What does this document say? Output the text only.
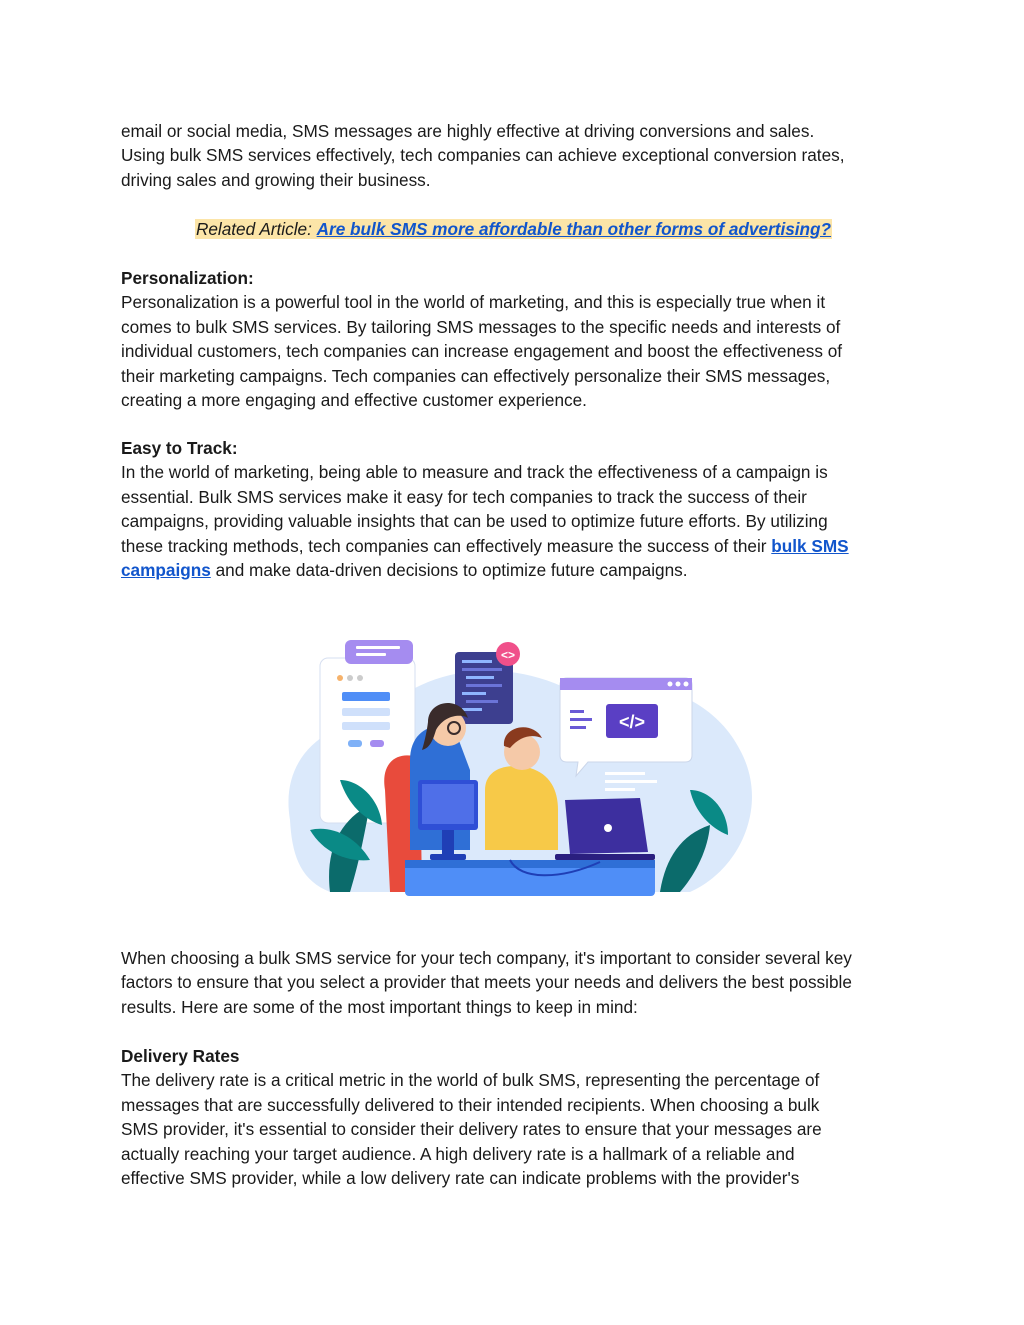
email or social media, SMS messages are highly effective at driving conversions and sales.

Using bulk SMS services effectively, tech companies can achieve exceptional conversion rates,

driving sales and growing their business.

Related Article: Are bulk SMS more affordable than other forms of advertising?

Personalization:

Personalization is a powerful tool in the world of marketing, and this is especially true when it

comes to bulk SMS services. By tailoring SMS messages to the specific needs and interests of

individual customers, tech companies can increase engagement and boost the effectiveness of

their marketing campaigns. Tech companies can effectively personalize their SMS messages,

creating a more engaging and effective customer experience.

Easy to Track:

In the world of marketing, being able to measure and track the effectiveness of a campaign is

essential. Bulk SMS services make it easy for tech companies to track the success of their

campaigns, providing valuable insights that can be used to optimize future efforts. By utilizing

these tracking methods, tech companies can effectively measure the success of their bulk SMS

campaigns and make data-driven decisions to optimize future campaigns.

<>
</>

When choosing a bulk SMS service for your tech company, it's important to consider several key

factors to ensure that you select a provider that meets your needs and delivers the best possible

results. Here are some of the most important things to keep in mind:

Delivery Rates

The delivery rate is a critical metric in the world of bulk SMS, representing the percentage of

messages that are successfully delivered to their intended recipients. When choosing a bulk

SMS provider, it's essential to consider their delivery rates to ensure that your messages are

actually reaching your target audience. A high delivery rate is a hallmark of a reliable and

effective SMS provider, while a low delivery rate can indicate problems with the provider's
